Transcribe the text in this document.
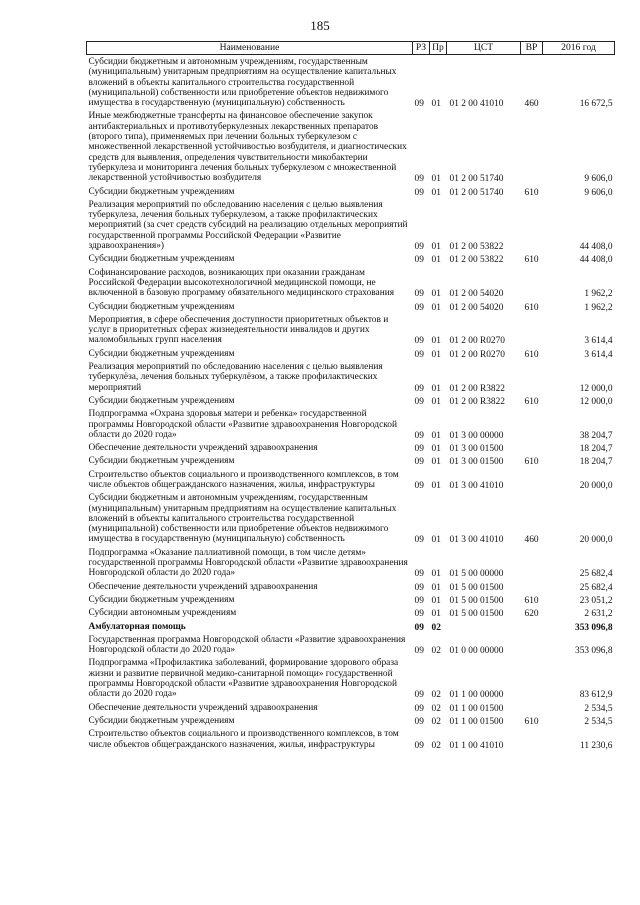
185
Наименование	РЗ	Пр	ЦСТ	ВР	2016 год
Субсидии бюджетным и автономным учреждениям, государственным (муниципальным) унитарным предприятиям на осуществление капитальных вложений в объекты капитального строительства государственной (муниципальной) собственности или приобретение объектов недвижимого имущества в государственную (муниципальную) собственность	09	01	01 2 00 41010	460	16 672,5
Иные межбюджетные трансферты на финансовое обеспечение закупок антибактериальных и противотуберкулезных лекарственных препаратов (второго типа), применяемых при лечении больных туберкулезом с множественной лекарственной устойчивостью возбудителя, и диагностических средств для выявления, определения чувствительности микобактерии туберкулеза и мониторинга лечения больных туберкулезом с множественной лекарственной устойчивостью возбудителя	09	01	01 2 00 51740		9 606,0
Субсидии бюджетным учреждениям	09	01	01 2 00 51740	610	9 606,0
Реализация мероприятий по обследованию населения с целью выявления туберкулеза, лечения больных туберкулезом, а также профилактических мероприятий (за счет средств субсидий на реализацию отдельных мероприятий государственной программы Российской Федерации «Развитие здравоохранения»)	09	01	01 2 00 53822		44 408,0
Субсидии бюджетным учреждениям	09	01	01 2 00 53822	610	44 408,0
Софинансирование расходов, возникающих при оказании гражданам Российской Федерации высокотехнологичной медицинской помощи, не включенной в базовую программу обязательного медицинского страхования	09	01	01 2 00 54020		1 962,2
Субсидии бюджетным учреждениям	09	01	01 2 00 54020	610	1 962,2
Мероприятия, в сфере обеспечения доступности приоритетных объектов и услуг в приоритетных сферах жизнедеятельности инвалидов и других маломобильных групп населения	09	01	01 2 00 R0270		3 614,4
Субсидии бюджетным учреждениям	09	01	01 2 00 R0270	610	3 614,4
Реализация мероприятий по обследованию населения с целью выявления туберкулёза, лечения больных туберкулёзом, а также профилактических мероприятий	09	01	01 2 00 R3822		12 000,0
Субсидии бюджетным учреждениям	09	01	01 2 00 R3822	610	12 000,0
Подпрограмма «Охрана здоровья матери и ребенка» государственной программы Новгородской области «Развитие здравоохранения Новгородской области до 2020 года»	09	01	01 3 00 00000		38 204,7
Обеспечение деятельности учреждений здравоохранения	09	01	01 3 00 01500		18 204,7
Субсидии бюджетным учреждениям	09	01	01 3 00 01500	610	18 204,7
Строительство объектов социального и производственного комплексов, в том числе объектов общегражданского назначения, жилья, инфраструктуры	09	01	01 3 00 41010		20 000,0
Субсидии бюджетным и автономным учреждениям, государственным (муниципальным) унитарным предприятиям на осуществление капитальных вложений в объекты капитального строительства государственной (муниципальной) собственности или приобретение объектов недвижимого имущества в государственную (муниципальную) собственность	09	01	01 3 00 41010	460	20 000,0
Подпрограмма «Оказание паллиативной помощи, в том числе детям» государственной программы Новгородской области «Развитие здравоохранения Новгородской области до 2020 года»	09	01	01 5 00 00000		25 682,4
Обеспечение деятельности учреждений здравоохранения	09	01	01 5 00 01500		25 682,4
Субсидии бюджетным учреждениям	09	01	01 5 00 01500	610	23 051,2
Субсидии автономным учреждениям	09	01	01 5 00 01500	620	2 631,2
Амбулаторная помощь	09	02			353 096,8
Государственная программа Новгородской области «Развитие здравоохранения Новгородской области до 2020 года»	09	02	01 0 00 00000		353 096,8
Подпрограмма «Профилактика заболеваний, формирование здорового образа жизни и развитие первичной медико-санитарной помощи» государственной программы Новгородской области «Развитие здравоохранения Новгородской области до 2020 года»	09	02	01 1 00 00000		83 612,9
Обеспечение деятельности учреждений здравоохранения	09	02	01 1 00 01500		2 534,5
Субсидии бюджетным учреждениям	09	02	01 1 00 01500	610	2 534,5
Строительство объектов социального и производственного комплексов, в том числе объектов общегражданского назначения, жилья, инфраструктуры	09	02	01 1 00 41010		11 230,6
